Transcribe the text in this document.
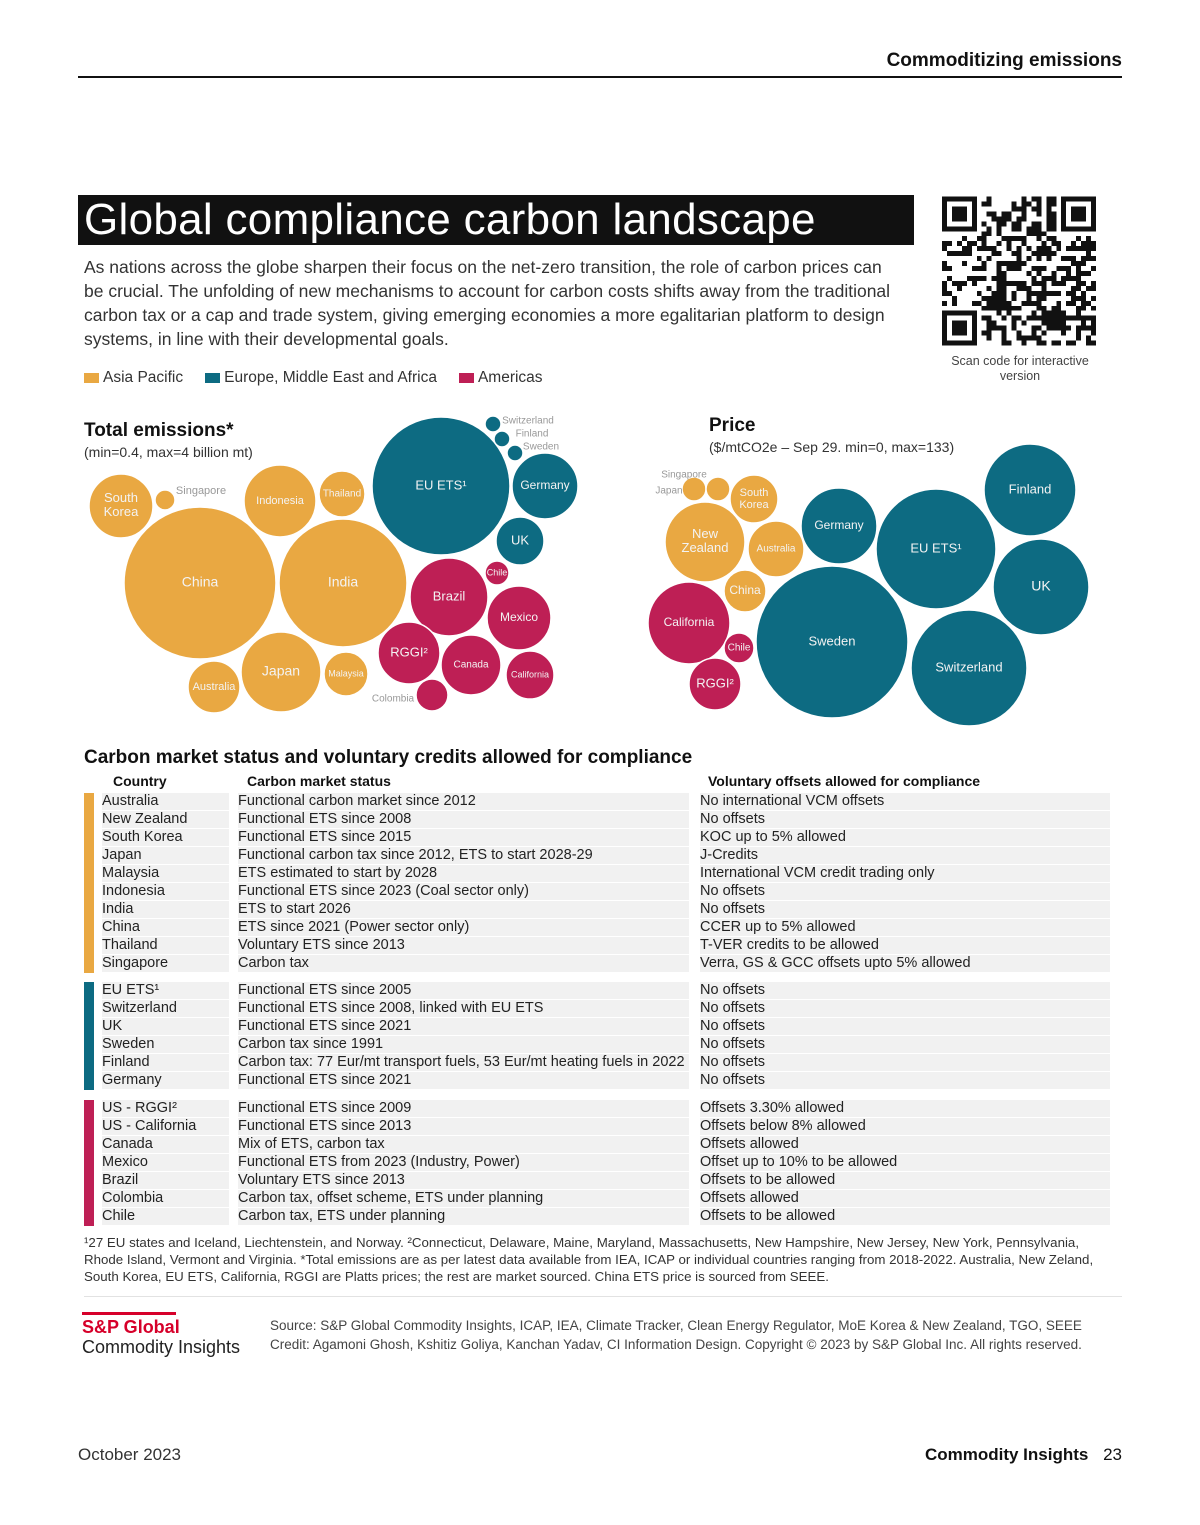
Commoditizing emissions
Global compliance carbon landscape

As nations across the globe sharpen their focus on the net-zero transition, the role of carbon prices can be crucial. The unfolding of new mechanisms to account for carbon costs shifts away from the traditional carbon tax or a cap and trade system, giving emerging economies a more egalitarian platform to design systems, in line with their developmental goals.

Scan code for interactive version
Asia Pacific	Europe, Middle East and Africa	Americas
Total emissions*
(min=0.4, max=4 billion mt)
Price
($/mtCO2e – Sep 29. min=0, max=133)
South Korea
Singapore
Indonesia
Thailand
China	India
Japan	Malaysia
Australia
EU ETS¹
Switzerland
Finland
Sweden
Germany
UK
Chile
Brazil
Mexico
RGGI²
Canada
California
Colombia
Singapore
Japan	South Korea
New Zealand	Australia
China
Germany
EU ETS¹
Finland
UK
Sweden
Switzerland
California
Chile
RGGI²
Carbon market status and voluntary credits allowed for compliance
Country	Carbon market status	Voluntary offsets allowed for compliance
Australia	Functional carbon market since 2012	No international VCM offsets
New Zealand	Functional ETS since 2008	No offsets
South Korea	Functional ETS since 2015	KOC up to 5% allowed
Japan	Functional carbon tax since 2012, ETS to start 2028-29	J-Credits
Malaysia	ETS estimated to start by 2028	International VCM credit trading only
Indonesia	Functional ETS since 2023 (Coal sector only)	No offsets
India	ETS to start 2026	No offsets
China	ETS since 2021 (Power sector only)	CCER up to 5% allowed
Thailand	Voluntary ETS since 2013	T-VER credits to be allowed
Singapore	Carbon tax	Verra, GS & GCC offsets upto 5% allowed
EU ETS¹	Functional ETS since 2005	No offsets
Switzerland	Functional ETS since 2008, linked with EU ETS	No offsets
UK	Functional ETS since 2021	No offsets
Sweden	Carbon tax since 1991	No offsets
Finland	Carbon tax: 77 Eur/mt transport fuels, 53 Eur/mt heating fuels in 2022	No offsets
Germany	Functional ETS since 2021	No offsets
US - RGGI²	Functional ETS since 2009	Offsets 3.30% allowed
US - California	Functional ETS since 2013	Offsets below 8% allowed
Canada	Mix of ETS, carbon tax	Offsets allowed
Mexico	Functional ETS from 2023 (Industry, Power)	Offset up to 10% to be allowed
Brazil	Voluntary ETS since 2013	Offsets to be allowed
Colombia	Carbon tax, offset scheme, ETS under planning	Offsets allowed
Chile	Carbon tax, ETS under planning	Offsets to be allowed

¹27 EU states and Iceland, Liechtenstein, and Norway. ²Connecticut, Delaware, Maine, Maryland, Massachusetts, New Hampshire, New Jersey, New York, Pennsylvania, Rhode Island, Vermont and Virginia. *Total emissions are as per latest data available from IEA, ICAP or individual countries ranging from 2018-2022. Australia, New Zeland, South Korea, EU ETS, California, RGGI are Platts prices; the rest are market sourced. China ETS price is sourced from SEEE.

S&P Global
Commodity Insights
Source: S&P Global Commodity Insights, ICAP, IEA, Climate Tracker, Clean Energy Regulator, MoE Korea & New Zealand, TGO, SEEE
Credit: Agamoni Ghosh, Kshitiz Goliya, Kanchan Yadav, CI Information Design. Copyright © 2023 by S&P Global Inc. All rights reserved.
October 2023	Commodity Insights 23
